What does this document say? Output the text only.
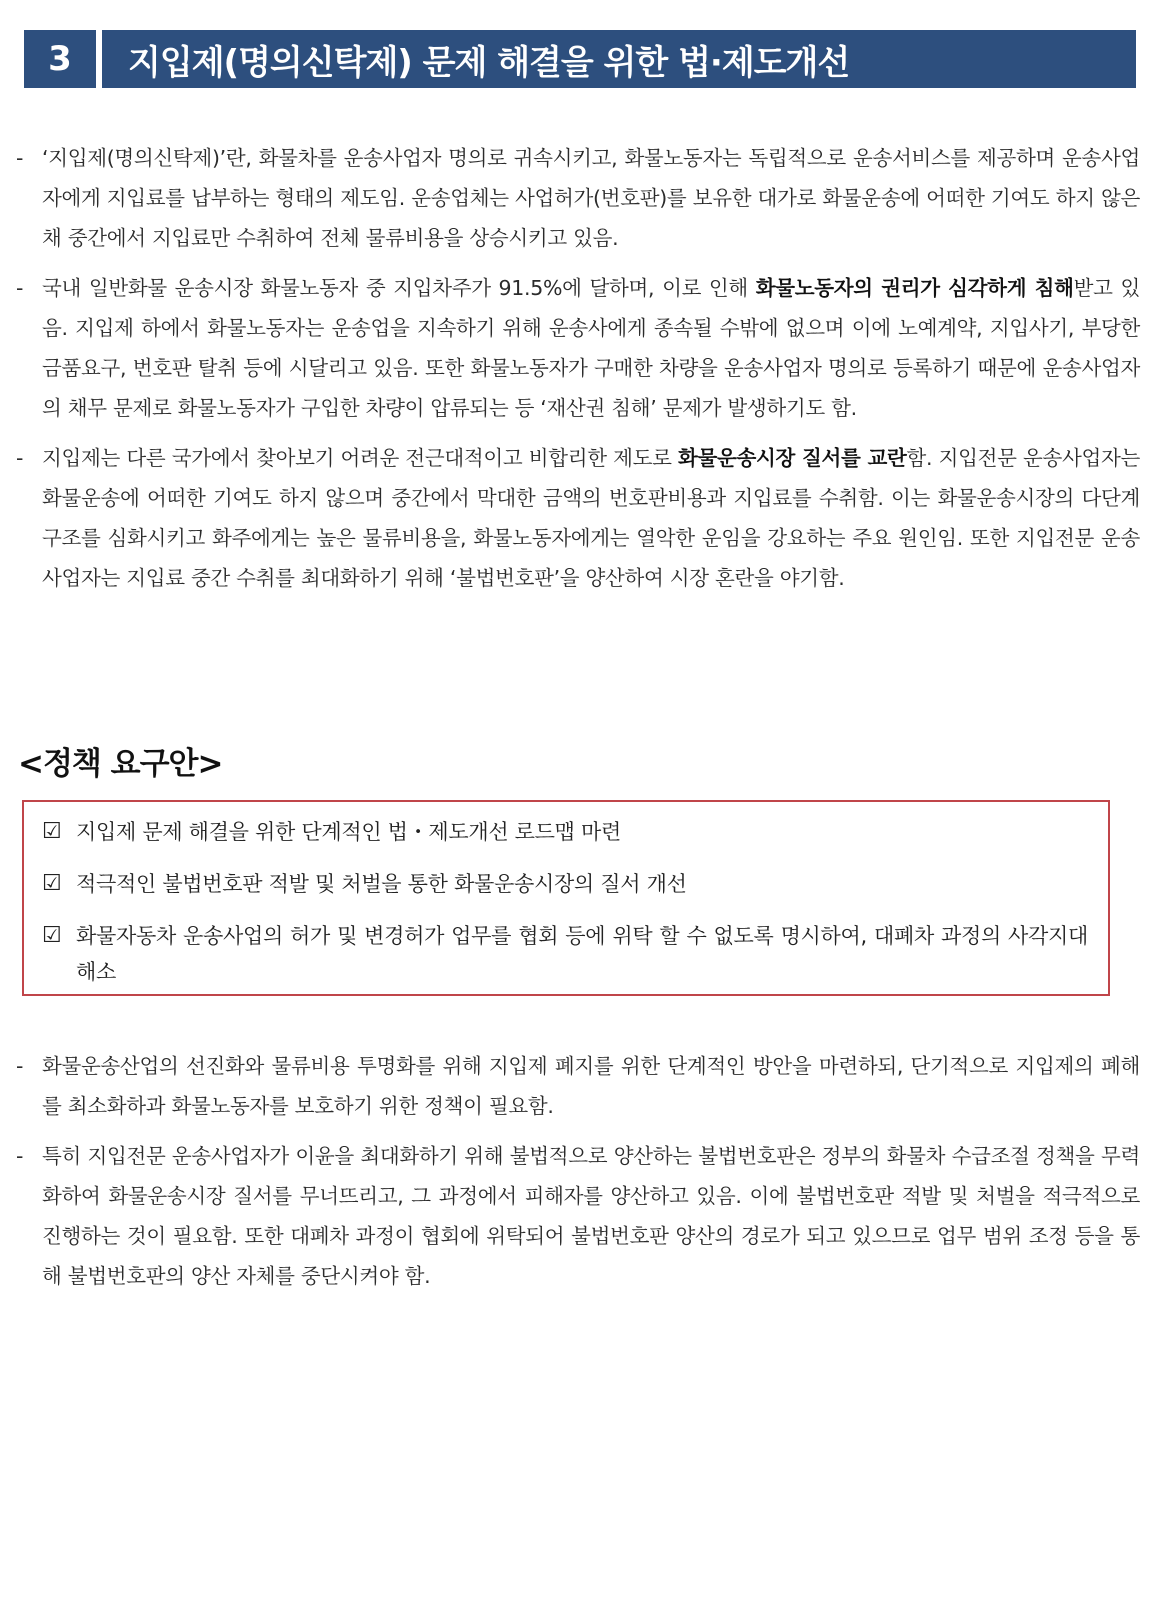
3	지입제(명의신탁제) 문제 해결을 위한 법·제도개선
- ‘지입제(명의신탁제)’란, 화물차를 운송사업자 명의로 귀속시키고, 화물노동자는 독립적으로 운송서비스를 제공하며 운송사업자에게 지입료를 납부하는 형태의 제도임. 운송업체는 사업허가(번호판)를 보유한 대가로 화물운송에 어떠한 기여도 하지 않은 채 중간에서 지입료만 수취하여 전체 물류비용을 상승시키고 있음.
- 국내 일반화물 운송시장 화물노동자 중 지입차주가 91.5%에 달하며, 이로 인해 화물노동자의 권리가 심각하게 침해받고 있음. 지입제 하에서 화물노동자는 운송업을 지속하기 위해 운송사에게 종속될 수밖에 없으며 이에 노예계약, 지입사기, 부당한 금품요구, 번호판 탈취 등에 시달리고 있음. 또한 화물노동자가 구매한 차량을 운송사업자 명의로 등록하기 때문에 운송사업자의 채무 문제로 화물노동자가 구입한 차량이 압류되는 등 ‘재산권 침해’ 문제가 발생하기도 함.
- 지입제는 다른 국가에서 찾아보기 어려운 전근대적이고 비합리한 제도로 화물운송시장 질서를 교란함. 지입전문 운송사업자는 화물운송에 어떠한 기여도 하지 않으며 중간에서 막대한 금액의 번호판비용과 지입료를 수취함. 이는 화물운송시장의 다단계 구조를 심화시키고 화주에게는 높은 물류비용을, 화물노동자에게는 열악한 운임을 강요하는 주요 원인임. 또한 지입전문 운송사업자는 지입료 중간 수취를 최대화하기 위해 ‘불법번호판’을 양산하여 시장 혼란을 야기함.
<정책 요구안>
☑ 지입제 문제 해결을 위한 단계적인 법・제도개선 로드맵 마련
☑ 적극적인 불법번호판 적발 및 처벌을 통한 화물운송시장의 질서 개선
☑ 화물자동차 운송사업의 허가 및 변경허가 업무를 협회 등에 위탁 할 수 없도록 명시하여, 대폐차 과정의 사각지대 해소
- 화물운송산업의 선진화와 물류비용 투명화를 위해 지입제 폐지를 위한 단계적인 방안을 마련하되, 단기적으로 지입제의 폐해를 최소화하과 화물노동자를 보호하기 위한 정책이 필요함.
- 특히 지입전문 운송사업자가 이윤을 최대화하기 위해 불법적으로 양산하는 불법번호판은 정부의 화물차 수급조절 정책을 무력화하여 화물운송시장 질서를 무너뜨리고, 그 과정에서 피해자를 양산하고 있음. 이에 불법번호판 적발 및 처벌을 적극적으로 진행하는 것이 필요함. 또한 대폐차 과정이 협회에 위탁되어 불법번호판 양산의 경로가 되고 있으므로 업무 범위 조정 등을 통해 불법번호판의 양산 자체를 중단시켜야 함.
